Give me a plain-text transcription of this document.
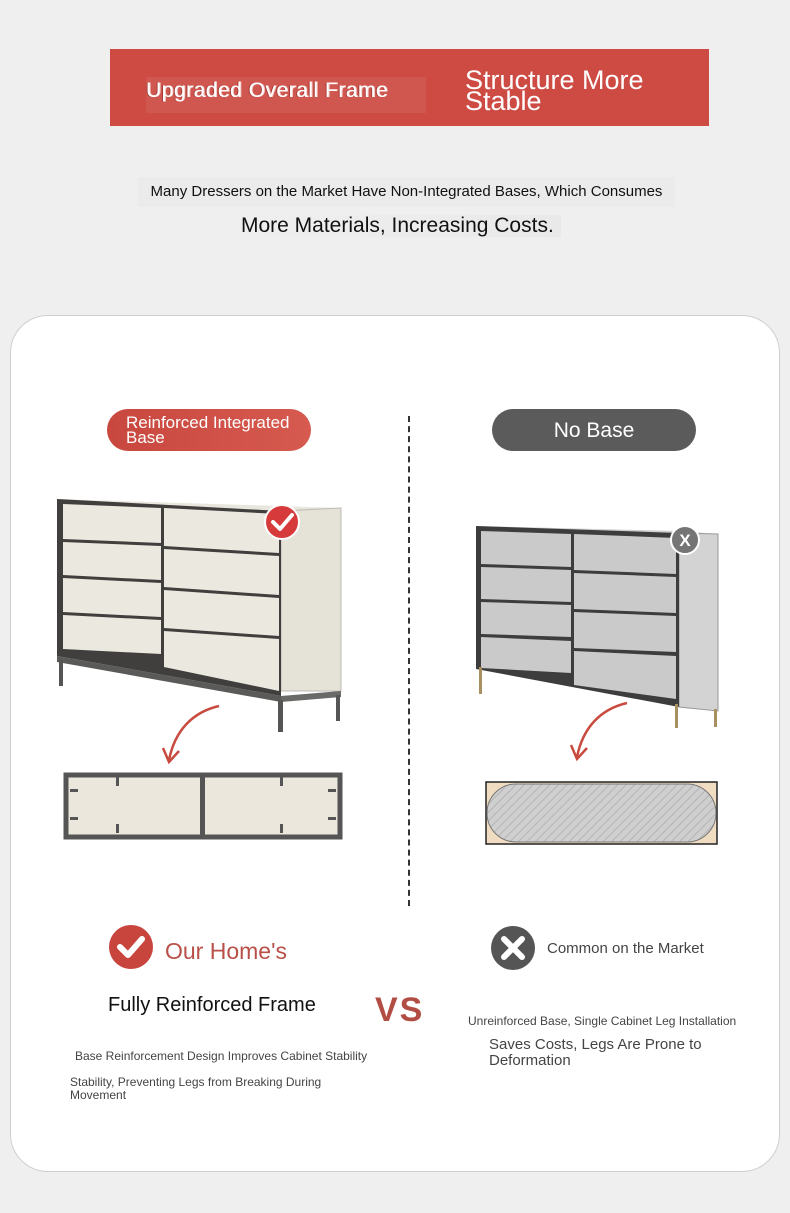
Upgraded Overall Frame	Structure More Stable
Many Dressers on the Market Have Non-Integrated Bases, Which Consumes
More Materials, Increasing Costs.
Reinforced Integrated Base	No Base
X
Our Home's
Fully Reinforced Frame VS
Base Reinforcement Design Improves Cabinet Stability
Stability, Preventing Legs from Breaking During Movement
Common on the Market
Unreinforced Base, Single Cabinet Leg Installation
Saves Costs, Legs Are Prone to Deformation
